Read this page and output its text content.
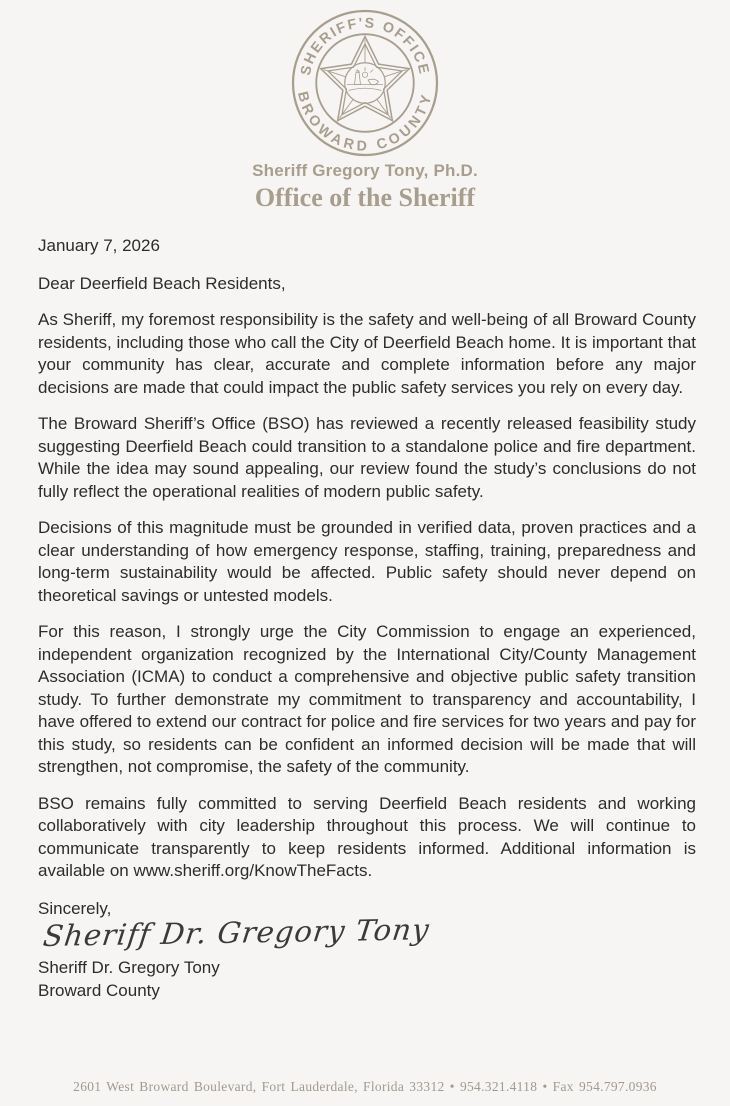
SHERIFF'S OFFICE
BROWARD COUNTY
Sheriff Gregory Tony, Ph.D.
Office of the Sheriff
January 7, 2026
Dear Deerfield Beach Residents,

As Sheriff, my foremost responsibility is the safety and well-being of all Broward County residents, including those who call the City of Deerfield Beach home. It is important that your community has clear, accurate and complete information before any major decisions are made that could impact the public safety services you rely on every day.

The Broward Sheriff’s Office (BSO) has reviewed a recently released feasibility study suggesting Deerfield Beach could transition to a standalone police and fire department. While the idea may sound appealing, our review found the study’s conclusions do not fully reflect the operational realities of modern public safety.

Decisions of this magnitude must be grounded in verified data, proven practices and a clear understanding of how emergency response, staffing, training, preparedness and long-term sustainability would be affected. Public safety should never depend on theoretical savings or untested models.

For this reason, I strongly urge the City Commission to engage an experienced, independent organization recognized by the International City/County Management Association (ICMA) to conduct a comprehensive and objective public safety transition study. To further demonstrate my commitment to transparency and accountability, I have offered to extend our contract for police and fire services for two years and pay for this study, so residents can be confident an informed decision will be made that will strengthen, not compromise, the safety of the community.

BSO remains fully committed to serving Deerfield Beach residents and working collaboratively with city leadership throughout this process. We will continue to communicate transparently to keep residents informed. Additional information is available on www.sheriff.org/KnowTheFacts.

Sincerely,
Sheriff Dr. Gregory Tony
Sheriff Dr. Gregory Tony
Broward County
2601 West Broward Boulevard, Fort Lauderdale, Florida 33312 • 954.321.4118 • Fax 954.797.0936
